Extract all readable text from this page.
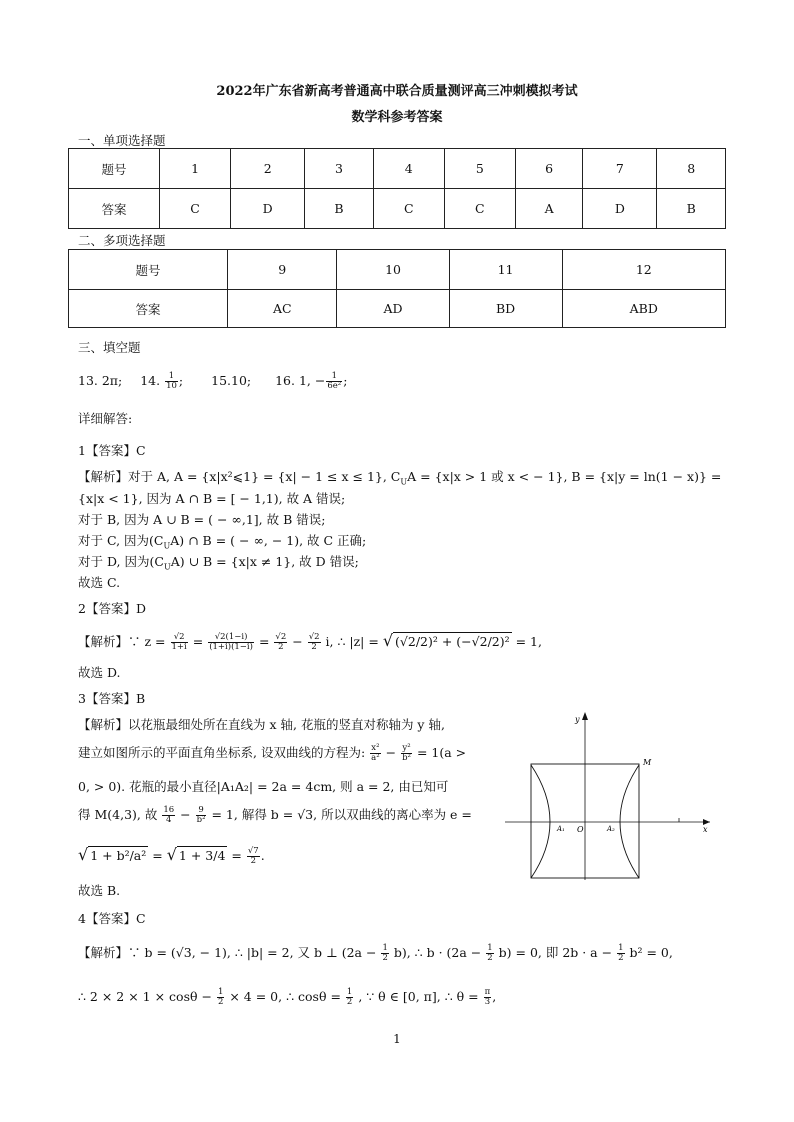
2022年广东省新高考普通高中联合质量测评高三冲刺模拟考试
数学科参考答案
一、单项选择题
题号	1	2	3	4	5	6	7	8
答案	C	D	B	C	C	A	D	B
二、多项选择题
题号	9	10	11	12
答案	AC	AD	BD	ABD
三、填空题
13. 2π; 14. $\frac{1}{10}$ ; 15.10; 16. 1, − $\frac{1}{\text{6e²}}$ ;
详细解答:
1【答案】C
【解析】对于 A, A = {x|x²⩽1} = {x| − 1 ≤ x ≤ 1}, $C_UA = \{x|x > 1$ 或 x < − 1}, B = {x|y = ln(1 − x)} =
{x|x < 1}, 因为 A ∩ B = [ − 1,1), 故 A 错误;
对于 B, 因为 A ∪ B = ( − ∞,1], 故 B 错误;
对于 C, 因为$(C_UA)$ ∩ B = ( − ∞, − 1), 故 C 正确;
对于 D, 因为$(C_UA)$ ∪ B = {x|x ≠ 1}, 故 D 错误;
故选 C.
2【答案】D
【解析】∵ $z = \frac{√2}{1+i} = \frac{√2(1-i)}{(1+i)(1-i)} = \frac{√2}{2} - \frac{√2}{2} i$, ∴ |z| = √ (√2/2)² + (−√2/2)² = 1,
故选 D.
3【答案】B
【解析】以花瓶最细处所在直线为 x 轴, 花瓶的竖直对称轴为 y 轴,
建立如图所示的平面直角坐标系, 设双曲线的方程为: $\frac{\text{x²}}{\text{a²}} - \frac{\text{y²}}{\text{b²}} = 1(a$ >
0, > 0). 花瓶的最小直径|A₁A₂| = 2a = 4cm, 则 a = 2, 由已知可
得 M(4,3), 故 $\frac{16}{4} - \frac{9}{\text{b²}} = 1$, 解得 b = √3, 所以双曲线的离心率为 e =
√ 1 + b²/a² = √ $1 + 3/4 = \frac{√7}{2}$ .
故选 B.
x
y
O
M
A₁	A₂
4【答案】C
【解析】∵ b = (√3, − 1), ∴ |b| = 2, 又 b ⊥ $(2a - \frac{1}{2} b)$, ∴ $b \cdot (2a - \frac{1}{2} b) = 0$, 即 $2b \cdot a - \frac{1}{2} b^2 = 0$,
∴ $2 \times 2 \times 1 \times \cos\theta - \frac{1}{2} \times 4 = 0$, ∴ $\cos\theta = \frac{1}{2}$ , ∵ θ ∈ [0, π], ∴ $\theta = \frac{\pi}{3}$ ,
1
